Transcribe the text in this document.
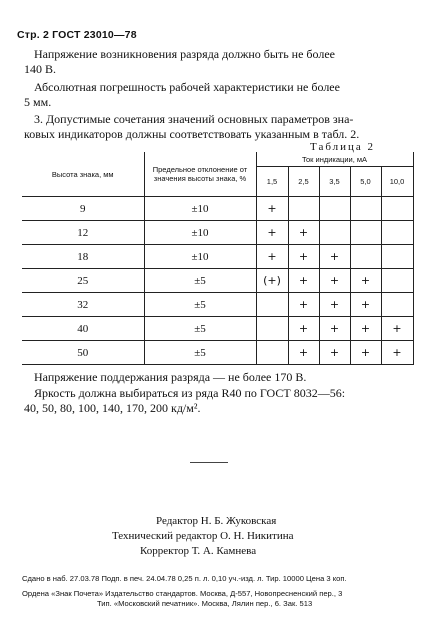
Стр. 2 ГОСТ 23010—78

Напряжение возникновения разряда должно быть не более
140 В.

Абсолютная погрешность рабочей характеристики не более
5 мм.

3. Допустимые сочетания значений основных параметров зна-
ковых индикаторов должны соответствовать указанным в табл. 2.

Таблица 2
Высота знака, мм	Предельное отклонение от значения высоты знака, %	Ток индикации, мА				
		1,5	2,5	3,5	5,0	10,0
9	±10	+				
12	±10	+	+			
18	±10	+	+	+		
25	±5	(+)	+	+	+	
32	±5		+	+	+	
40	±5		+	+	+	+
50	±5		+	+	+	+

Напряжение поддержания разряда — не более 170 В.

Яркость должна выбираться из ряда R40 по ГОСТ 8032—56:
40, 50, 80, 100, 140, 170, 200 кд/м².

Редактор Н. Б. Жуковская
Технический редактор О. Н. Никитина
Корректор Т. А. Камнева
Сдано в наб. 27.03.78 Подп. в печ. 24.04.78 0,25 п. л. 0,10 уч.-изд. л. Тир. 10000 Цена 3 коп.
Ордена «Знак Почета» Издательство стандартов. Москва, Д-557, Новопресненский пер., 3
Тип. «Московский печатник». Москва, Лялин пер., 6. Зак. 513
